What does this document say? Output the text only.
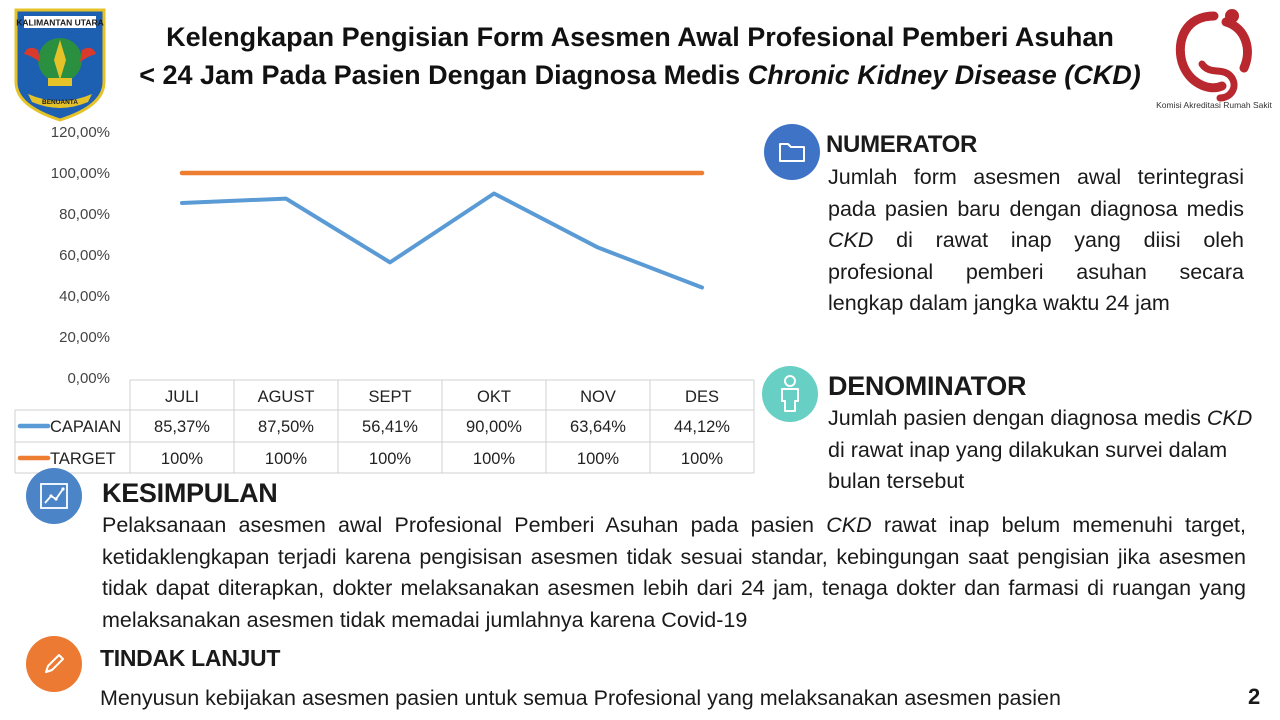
Kelengkapan Pengisian Form Asesmen Awal Profesional Pemberi Asuhan
< 24 Jam Pada Pasien Dengan Diagnosa Medis Chronic Kidney Disease (CKD)
KALIMANTAN UTARA
BENUANTA	Komisi Akreditasi Rumah Sakit
0,00%
20,00%
40,00%
60,00%
80,00%
100,00%
120,00%
JULI	AGUST	SEPT	OKT	NOV	DES
CAPAIAN 85,37%	87,50%	56,41%	90,00%	63,64%	44,12%
TARGET	100%	100%	100%	100%	100%	100%
NUMERATOR
Jumlah form asesmen awal terintegrasi pada pasien baru dengan diagnosa medis CKD di rawat inap yang diisi oleh profesional pemberi asuhan secara lengkap dalam jangka waktu 24 jam
DENOMINATOR
Jumlah pasien dengan diagnosa medis CKD di rawat inap yang dilakukan survei dalam bulan tersebut
KESIMPULAN
Pelaksanaan asesmen awal Profesional Pemberi Asuhan pada pasien CKD rawat inap belum memenuhi target, ketidaklengkapan terjadi karena pengisisan asesmen tidak sesuai standar, kebingungan saat pengisian jika asesmen tidak dapat diterapkan, dokter melaksanakan asesmen lebih dari 24 jam, tenaga dokter dan farmasi di ruangan yang melaksanakan asesmen tidak memadai jumlahnya karena Covid-19
TINDAK LANJUT
Menyusun kebijakan asesmen pasien untuk semua Profesional yang melaksanakan asesmen pasien	2
